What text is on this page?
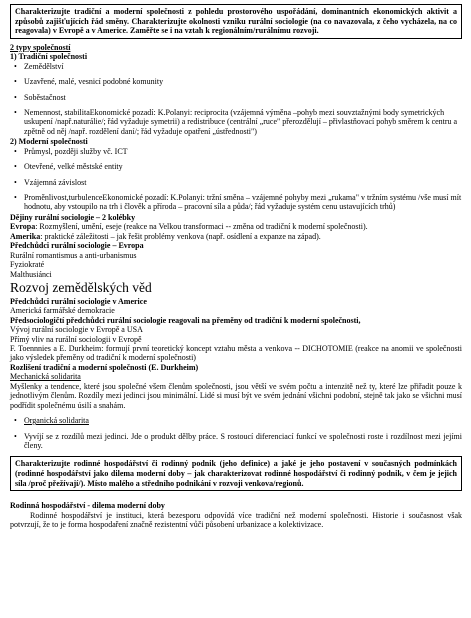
Charakterizujte tradiční a moderní společnosti z pohledu prostorového uspořádání, dominantních ekonomických aktivit a způsobů zajišťujících řád směny. Charakterizujte okolnosti vzniku rurální sociologie (na co navazovala, z čeho vycházela, na co reagovala) v Evropě a v Americe. Zaměřte se i na vztah k regionálním/rurálnímu rozvoji.

2 typy společností

1) Tradiční společnosti

• Zemědělství
• Uzavřené, malé, vesnicí podobné komunity
• Soběstačnost
• Nemennost, stabilitaEkonomické pozadí: K.Polanyi: reciprocita (vzájemná výměna –pohyb mezi souvztažnými body symetrických uskupení /např.naturálie/; řád vyžaduje symetrii) a redistribuce (centrální „ruce" přerozdělují – přivlastňovací pohyb směrem k centru a zpětně od něj /např. rozdělení daní/; řád vyžaduje opatření „ústřednosti")

2) Moderní společnosti

• Průmysl, později služby vč. ICT
• Otevřené, velké městské entity
• Vzájemná závislost
• Proměnlivost,turbulenceEkonomické pozadí: K.Polanyi: tržní směna – vzájemné pohyby mezi „rukama" v tržním systému /vše musí mít hodnotu, aby vstoupilo na trh i člověk a příroda – pracovní síla a půda/; řád vyžaduje systém cenu ustavujících trhů)

Dějiny rurální sociologie – 2 kolébky

Evropa: Rozmyšlení, umění, eseje (reakce na Velkou transformaci -- změna od tradiční k moderní společnosti).

Amerika: praktické záležitosti – jak řešit problémy venkova (např. osídlení a expanze na západ).

Předchůdci rurální sociologie – Evropa

Rurální romantismus a anti-urbanismus

Fyziokraté

Malthusiánci

Rozvoj zemědělských věd

Předchůdci rurální sociologie v Americe

Americká farmářské demokracie

Předsociologičtí předchůdci rurální sociologie reagovali na přeměny od tradiční k moderní společnosti,

Vývoj rurální sociologie v Evropě a USA

Přímý vliv na rurální sociologii v Evropě

F. Toennnies a E. Durkheim: formují první teoretický koncept vztahu města a venkova -- DICHOTOMIE (reakce na anomii ve společnosti jako výsledek přeměny od tradiční k moderní společnosti)

Rozlišení tradiční a moderní společnosti (E. Durkheim)

Mechanická solidarita

Myšlenky a tendence, které jsou společné všem členům společnosti, jsou větší ve svém počtu a intenzitě než ty, které lze přiřadit pouze k jednotlivým členům. Rozdíly mezi jedinci jsou minimální. Lidé si musí být ve svém jednání všichni podobní, stejně tak jako se všichni musí podřídit společnému úsilí a snahám.

• Organická solidarita
• Vyvíjí se z rozdílů mezi jedinci. Jde o produkt dělby práce. S rostoucí diferenciací funkcí ve společnosti roste i rozdílnost mezi jejími členy.
Charakterizujte rodinné hospodářství či rodinný podnik (jeho definice) a jaké je jeho postavení v současných podmínkách (rodinné hospodářství jako dilema moderní doby – jak charakterizovat rodinné hospodářství či rodinný podnik, v čem je jejich síla /proč přežívají/). Místo malého a středního podnikání v rozvoji venkova/regionů.

Rodinná hospodářství - dilema moderní doby

Rodinné hospodářství je instituci, která bezesporu odpovídá více tradiční než moderní společnosti. Historie i současnost však potvrzují, že to je forma hospodaření značně rezistentní vůči působení urbanizace a kolektivizace.
